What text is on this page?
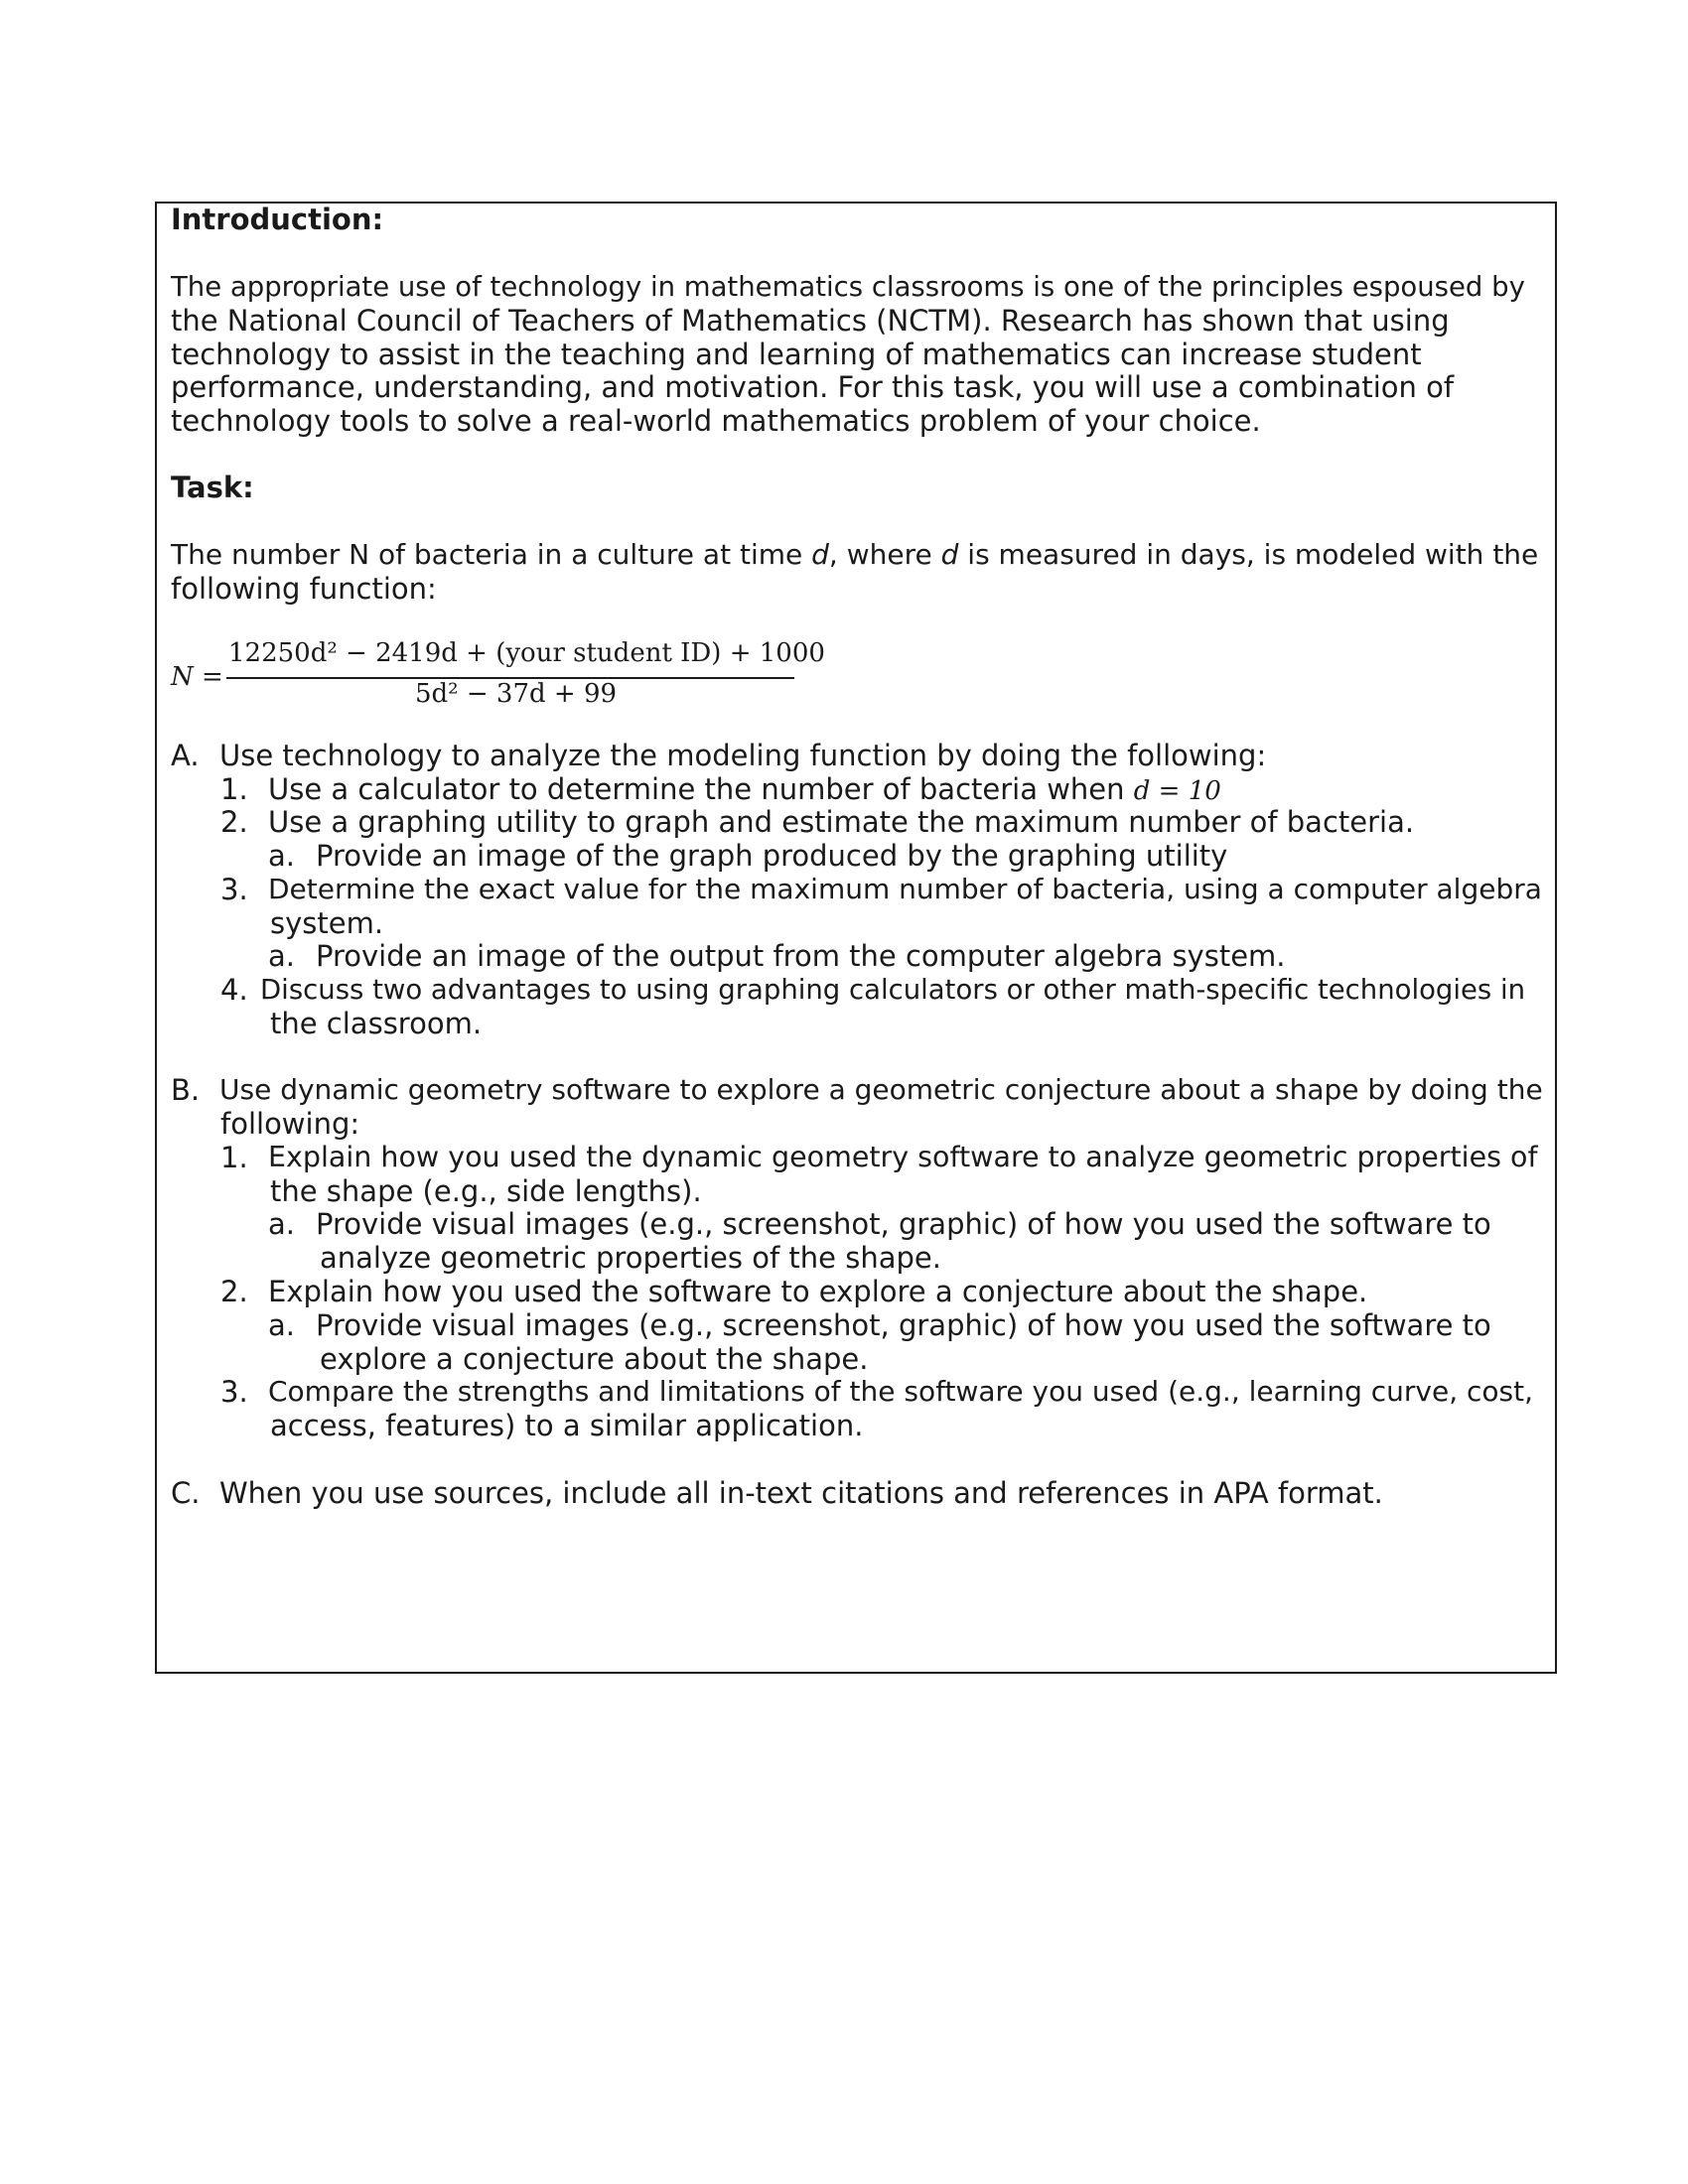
Introduction:

The appropriate use of technology in mathematics classrooms is one of the principles espoused by

the National Council of Teachers of Mathematics (NCTM). Research has shown that using

technology to assist in the teaching and learning of mathematics can increase student

performance, understanding, and motivation. For this task, you will use a combination of

technology tools to solve a real-world mathematics problem of your choice.

Task:

The number N of bacteria in a culture at time d, where d is measured in days, is modeled with the

following function:

N =

12250d² − 2419d + (your student ID) + 1000

5d² − 37d + 99

A. Use technology to analyze the modeling function by doing the following:

1. Use a calculator to determine the number of bacteria when d = 10

2. Use a graphing utility to graph and estimate the maximum number of bacteria.

a. Provide an image of the graph produced by the graphing utility

3. Determine the exact value for the maximum number of bacteria, using a computer algebra

system.

a. Provide an image of the output from the computer algebra system.

4. Discuss two advantages to using graphing calculators or other math-specific technologies in

the classroom.

B. Use dynamic geometry software to explore a geometric conjecture about a shape by doing the

following:

1. Explain how you used the dynamic geometry software to analyze geometric properties of

the shape (e.g., side lengths).

a. Provide visual images (e.g., screenshot, graphic) of how you used the software to

analyze geometric properties of the shape.

2. Explain how you used the software to explore a conjecture about the shape.

a. Provide visual images (e.g., screenshot, graphic) of how you used the software to

explore a conjecture about the shape.

3. Compare the strengths and limitations of the software you used (e.g., learning curve, cost,

access, features) to a similar application.

C. When you use sources, include all in-text citations and references in APA format.
